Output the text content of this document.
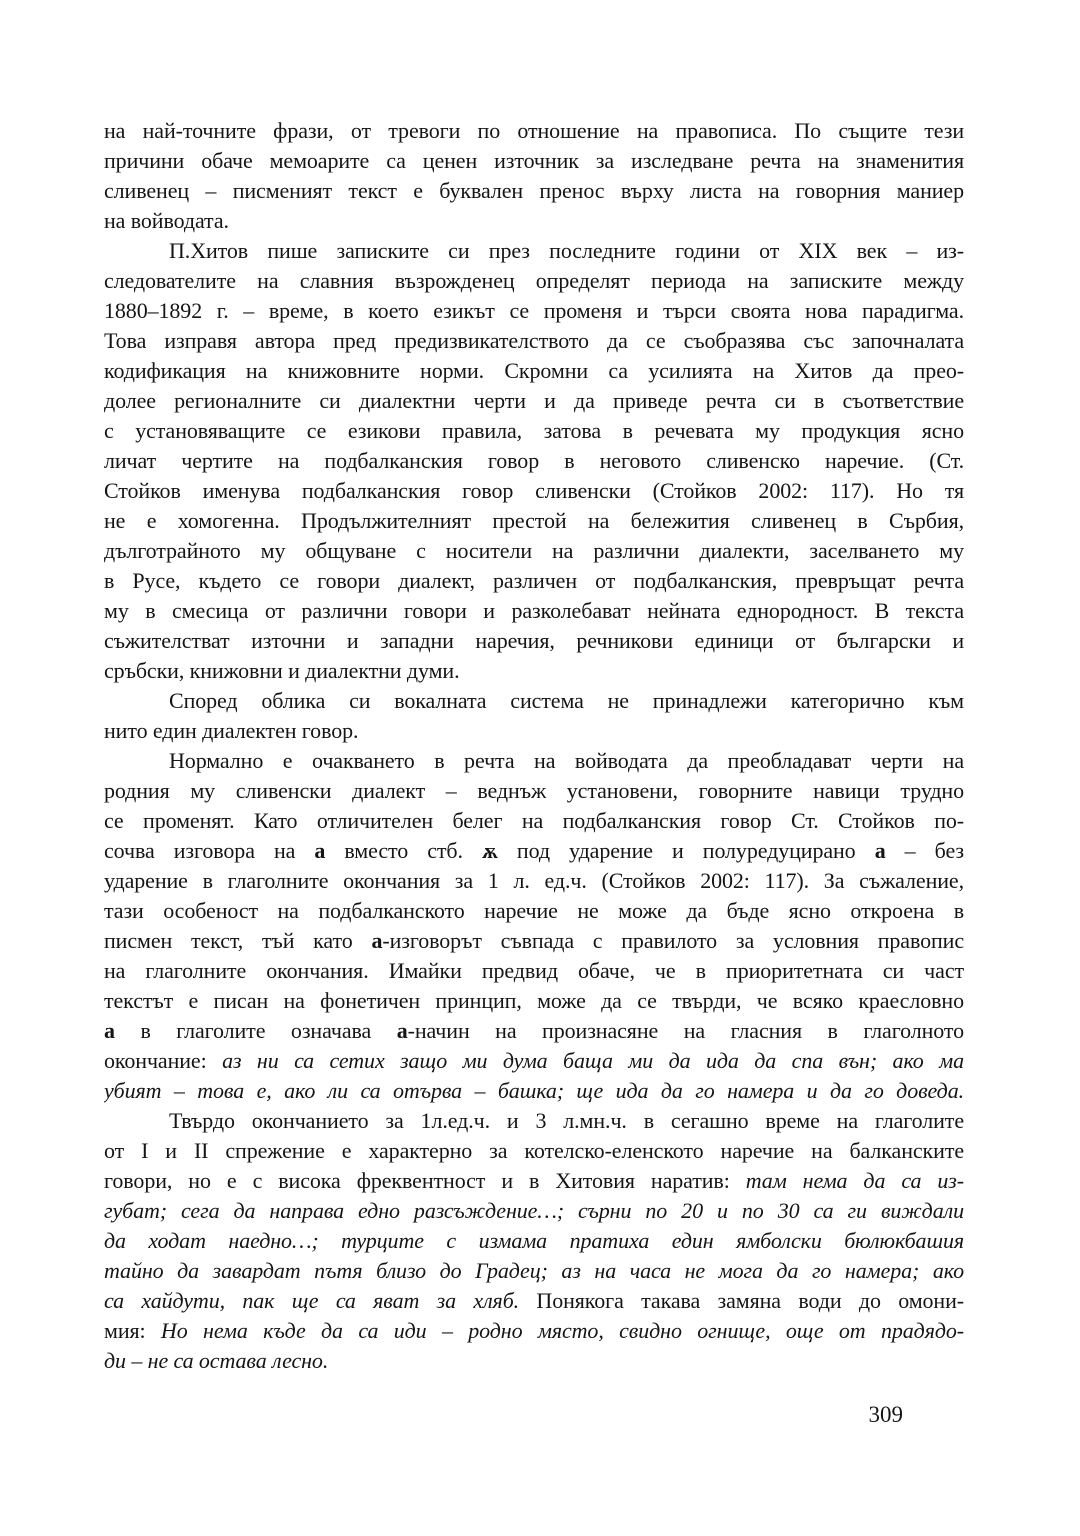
на най-точните фрази, от тревоги по отношение на правописа. По същите тези
причини обаче мемоарите са ценен източник за изследване речта на знаменития
сливенец – писменият текст е буквален пренос върху листа на говорния маниер
на войводата.
П.Хитов пише записките си през последните години от XIX век – из-
следователите на славния възрожденец определят периода на записките между
1880–1892 г. – време, в което езикът се променя и търси своята нова парадигма.
Това изправя автора пред предизвикателството да се съобразява със започналата
кодификация на книжовните норми. Скромни са усилията на Хитов да прео-
долее регионалните си диалектни черти и да приведе речта си в съответствие
с установяващите се езикови правила, затова в речевата му продукция ясно
личат чертите на подбалканския говор в неговото сливенско наречие. (Ст.
Стойков именува подбалканския говор сливенски (Стойков 2002: 117). Но тя
не е хомогенна. Продължителният престой на бележития сливенец в Сърбия,
дълготрайното му общуване с носители на различни диалекти, заселването му
в Русе, където се говори диалект, различен от подбалканския, превръщат речта
му в смесица от различни говори и разколебават нейната еднородност. В текста
съжителстват източни и западни наречия, речникови единици от български и
сръбски, книжовни и диалектни думи.
Според облика си вокалната система не принадлежи категорично към
нито един диалектен говор.
Нормално е очакването в речта на войводата да преобладават черти на
родния му сливенски диалект – веднъж установени, говорните навици трудно
се променят. Като отличителен белег на подбалканския говор Ст. Стойков по-
сочва изговора на а вместо стб. ѫ под ударение и полуредуцирано а – без
ударение в глаголните окончания за 1 л. ед.ч. (Стойков 2002: 117). За съжаление,
тази особеност на подбалканското наречие не може да бъде ясно откроена в
писмен текст, тъй като а-изговорът съвпада с правилото за условния правопис
на глаголните окончания. Имайки предвид обаче, че в приоритетната си част
текстът е писан на фонетичен принцип, може да се твърди, че всяко краесловно
а в глаголите означава а-начин на произнасяне на гласния в глаголното
окончание: аз ни са сетих защо ми дума баща ми да ида да спа вън; ако ма
убият – това е, ако ли са отърва – башка; ще ида да го намера и да го доведа.
Твърдо окончанието за 1л.ед.ч. и 3 л.мн.ч. в сегашно време на глаголите
от I и II спрежение е характерно за котелско-еленското наречие на балканските
говори, но е с висока фреквентност и в Хитовия наратив: там нема да са из-
губат; сега да направа едно разсъждение…; сърни по 20 и по 30 са ги виждали
да ходат наедно…; турците с измама пратиха един ямболски бюлюкбашия
тайно да завардат пътя близо до Градец; аз на часа не мога да го намера; ако
са хайдути, пак ще са яват за хляб. Понякога такава замяна води до омони-
мия: Но нема къде да са иди – родно място, свидно огнище, още от прадядо-
ди – не са остава лесно.
309
